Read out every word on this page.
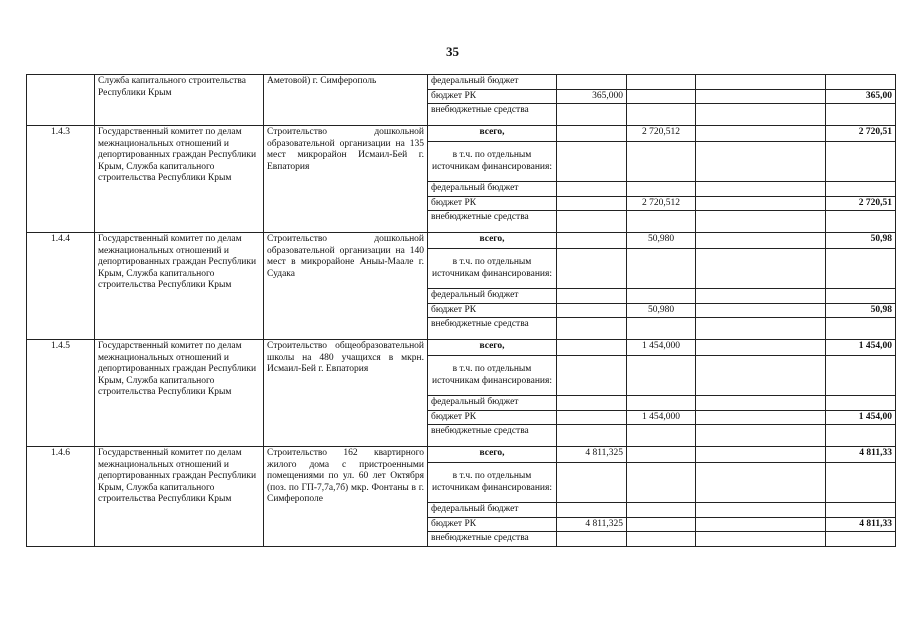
35
	Служба капитального строительства Республики Крым	Аметовой) г. Симферополь	федеральный бюджет				
			бюджет РК	365,000			365,00
			внебюджетные средства				
1.4.3	Государственный комитет по делам межнациональных отношений и депортированных граждан Республики Крым, Служба капитального строительства Республики Крым	Строительство дошкольной образовательной организации на 135 мест микрорайон Исмаил-Бей г. Евпатория	всего,		2 720,512		2 720,51
			в т.ч. по отдельным источникам финансирования:				
			федеральный бюджет				
			бюджет РК		2 720,512		2 720,51
			внебюджетные средства				
1.4.4	Государственный комитет по делам межнациональных отношений и депортированных граждан Республики Крым, Служба капитального строительства Республики Крым	Строительство дошкольной образовательной организации на 140 мест в микрорайоне Аныы-Маале г. Судака	всего,		50,980		50,98
			в т.ч. по отдельным источникам финансирования:				
			федеральный бюджет				
			бюджет РК		50,980		50,98
			внебюджетные средства				
1.4.5	Государственный комитет по делам межнациональных отношений и депортированных граждан Республики Крым, Служба капитального строительства Республики Крым	Строительство общеобразовательной школы на 480 учащихся в мкрн. Исмаил-Бей г. Евпатория	всего,		1 454,000		1 454,00
			в т.ч. по отдельным источникам финансирования:				
			федеральный бюджет				
			бюджет РК		1 454,000		1 454,00
			внебюджетные средства				
1.4.6	Государственный комитет по делам межнациональных отношений и депортированных граждан Республики Крым, Служба капитального строительства Республики Крым	Строительство 162 квартирного жилого дома с пристроенными помещениями по ул. 60 лет Октября (поз. по ГП-7,7а,7б) мкр. Фонтаны в г. Симферополе	всего,	4 811,325			4 811,33
			в т.ч. по отдельным источникам финансирования:				
			федеральный бюджет				
			бюджет РК	4 811,325			4 811,33
			внебюджетные средства				
